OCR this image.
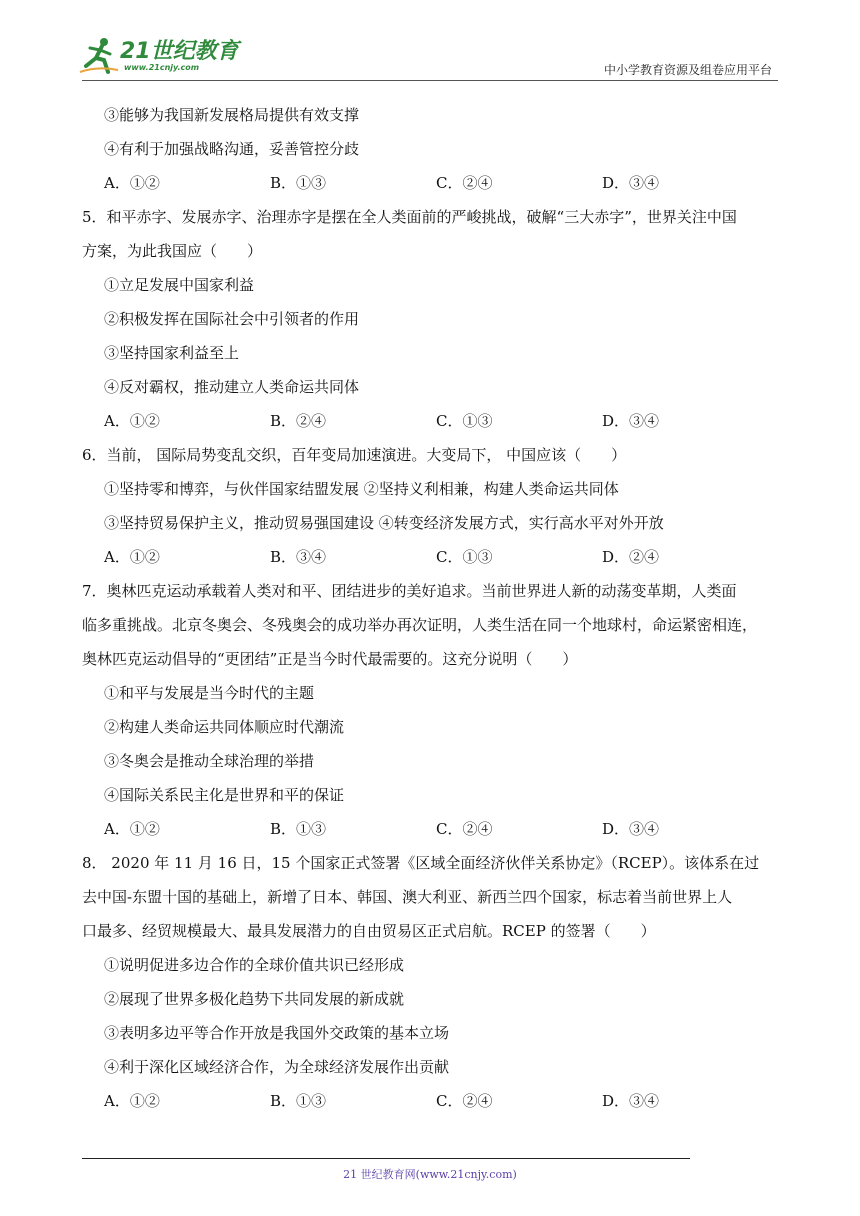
21世纪教育
www.21cnjy.com	中小学教育资源及组卷应用平台
③能够为我国新发展格局提供有效支撑
④有利于加强战略沟通，妥善管控分歧
A．①②	B．①③	C．②④	D．③④
5．和平赤字、发展赤字、治理赤字是摆在全人类面前的严峻挑战，破解“三大赤字”，世界关注中国
方案，为此我国应（　　）
①立足发展中国家利益
②积极发挥在国际社会中引领者的作用
③坚持国家利益至上
④反对霸权，推动建立人类命运共同体
A．①②	B．②④	C．①③	D．③④
6．当前， 国际局势变乱交织，百年变局加速演进。大变局下， 中国应该（　　）
①坚持零和博弈，与伙伴国家结盟发展 ②坚持义利相兼，构建人类命运共同体
③坚持贸易保护主义，推动贸易强国建设 ④转变经济发展方式，实行高水平对外开放
A．①②	B．③④	C．①③	D．②④
7．奥林匹克运动承载着人类对和平、团结进步的美好追求。当前世界进人新的动荡变革期，人类面
临多重挑战。北京冬奥会、冬残奥会的成功举办再次证明，人类生活在同一个地球村，命运紧密相连，
奥林匹克运动倡导的“更团结”正是当今时代最需要的。这充分说明（　　）
①和平与发展是当今时代的主题
②构建人类命运共同体顺应时代潮流
③冬奥会是推动全球治理的举措
④国际关系民主化是世界和平的保证
A．①②	B．①③	C．②④	D．③④
8． 2020 年 11 月 16 日，15 个国家正式签署《区域全面经济伙伴关系协定》（RCEP）。该体系在过
去中国-东盟十国的基础上，新增了日本、韩国、澳大利亚、新西兰四个国家，标志着当前世界上人
口最多、经贸规模最大、最具发展潜力的自由贸易区正式启航。RCEP 的签署（　　）
①说明促进多边合作的全球价值共识已经形成
②展现了世界多极化趋势下共同发展的新成就
③表明多边平等合作开放是我国外交政策的基本立场
④利于深化区域经济合作，为全球经济发展作出贡献
A．①②	B．①③	C．②④	D．③④
21 世纪教育网(www.21cnjy.com)
